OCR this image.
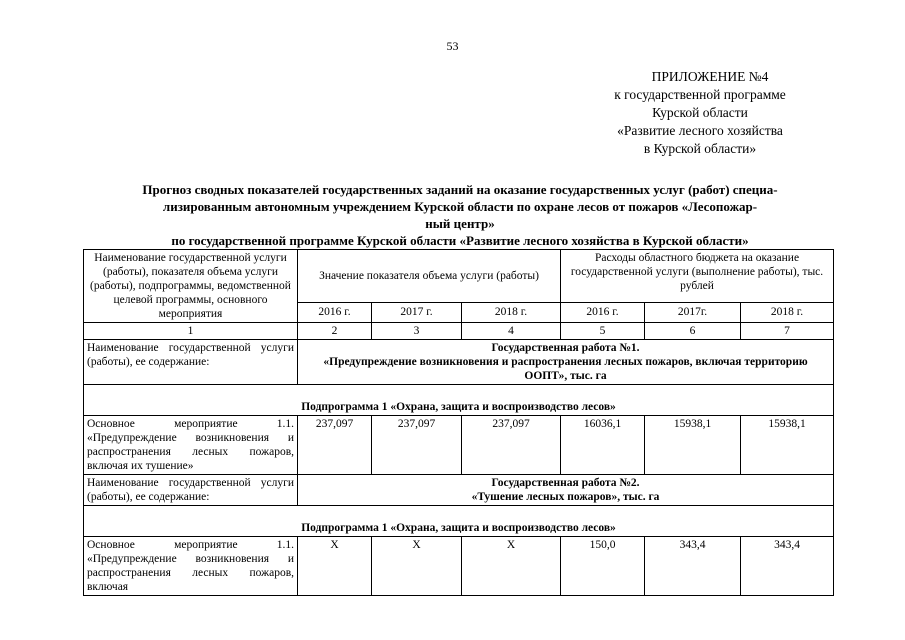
53
ПРИЛОЖЕНИЕ №4
к государственной программе
Курской области
«Развитие лесного хозяйства
в Курской области»
Прогноз сводных показателей государственных заданий на оказание государственных услуг (работ) специа-
лизированным автономным учреждением Курской области по охране лесов от пожаров «Лесопожар-
ный центр»
по государственной программе Курской области «Развитие лесного хозяйства в Курской области»
Наименование государственной услуги (работы), показателя объема услуги (работы), подпрограммы, ведомственной целевой программы, основного мероприятия	Значение показателя объема услуги (работы)			Расходы областного бюджета на оказание государственной услуги (выполнение работы), тыс. рублей		
	2016 г.	2017 г.	2018 г.	2016 г.	2017г.	2018 г.
1	2	3	4	5	6	7
Наименование государственной услуги (работы), ее содержание:	Государственная работа №1.
«Предупреждение возникновения и распространения лесных пожаров, включая территорию ООПТ», тыс. га					

Подпрограмма 1 «Охрана, защита и воспроизводство лесов»						
Основное мероприятие 1.1. «Предупреждение возникновения и распространения лесных пожаров, включая их тушение»	237,097	237,097	237,097	16036,1	15938,1	15938,1
Наименование государственной услуги (работы), ее содержание:	Государственная работа №2.
«Тушение лесных пожаров», тыс. га					

Подпрограмма 1 «Охрана, защита и воспроизводство лесов»						
Основное мероприятие 1.1. «Предупреждение возникновения и распространения лесных пожаров, включая	X	X	X	150,0	343,4	343,4
